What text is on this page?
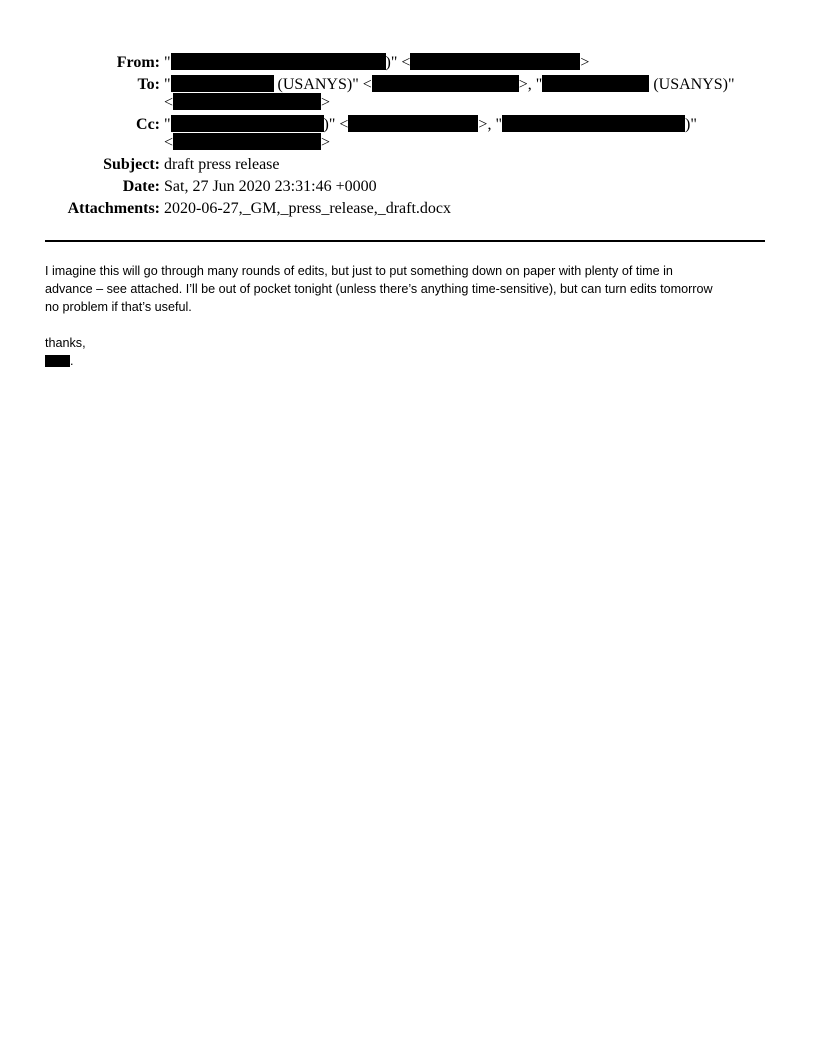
From: "	)" <	>
To: "	(USANYS)" <	>, "	(USANYS)"
<	>
Cc: "	)" <	>, "	)"
<	>
Subject: draft press release
Date: Sat, 27 Jun 2020 23:31:46 +0000
Attachments: 2020-06-27,_GM,_press_release,_draft.docx

I imagine this will go through many rounds of edits, but just to put something down on paper with plenty of time in

advance – see attached. I’ll be out of pocket tonight (unless there’s anything time-sensitive), but can turn edits tomorrow

no problem if that’s useful.

thanks,

.
